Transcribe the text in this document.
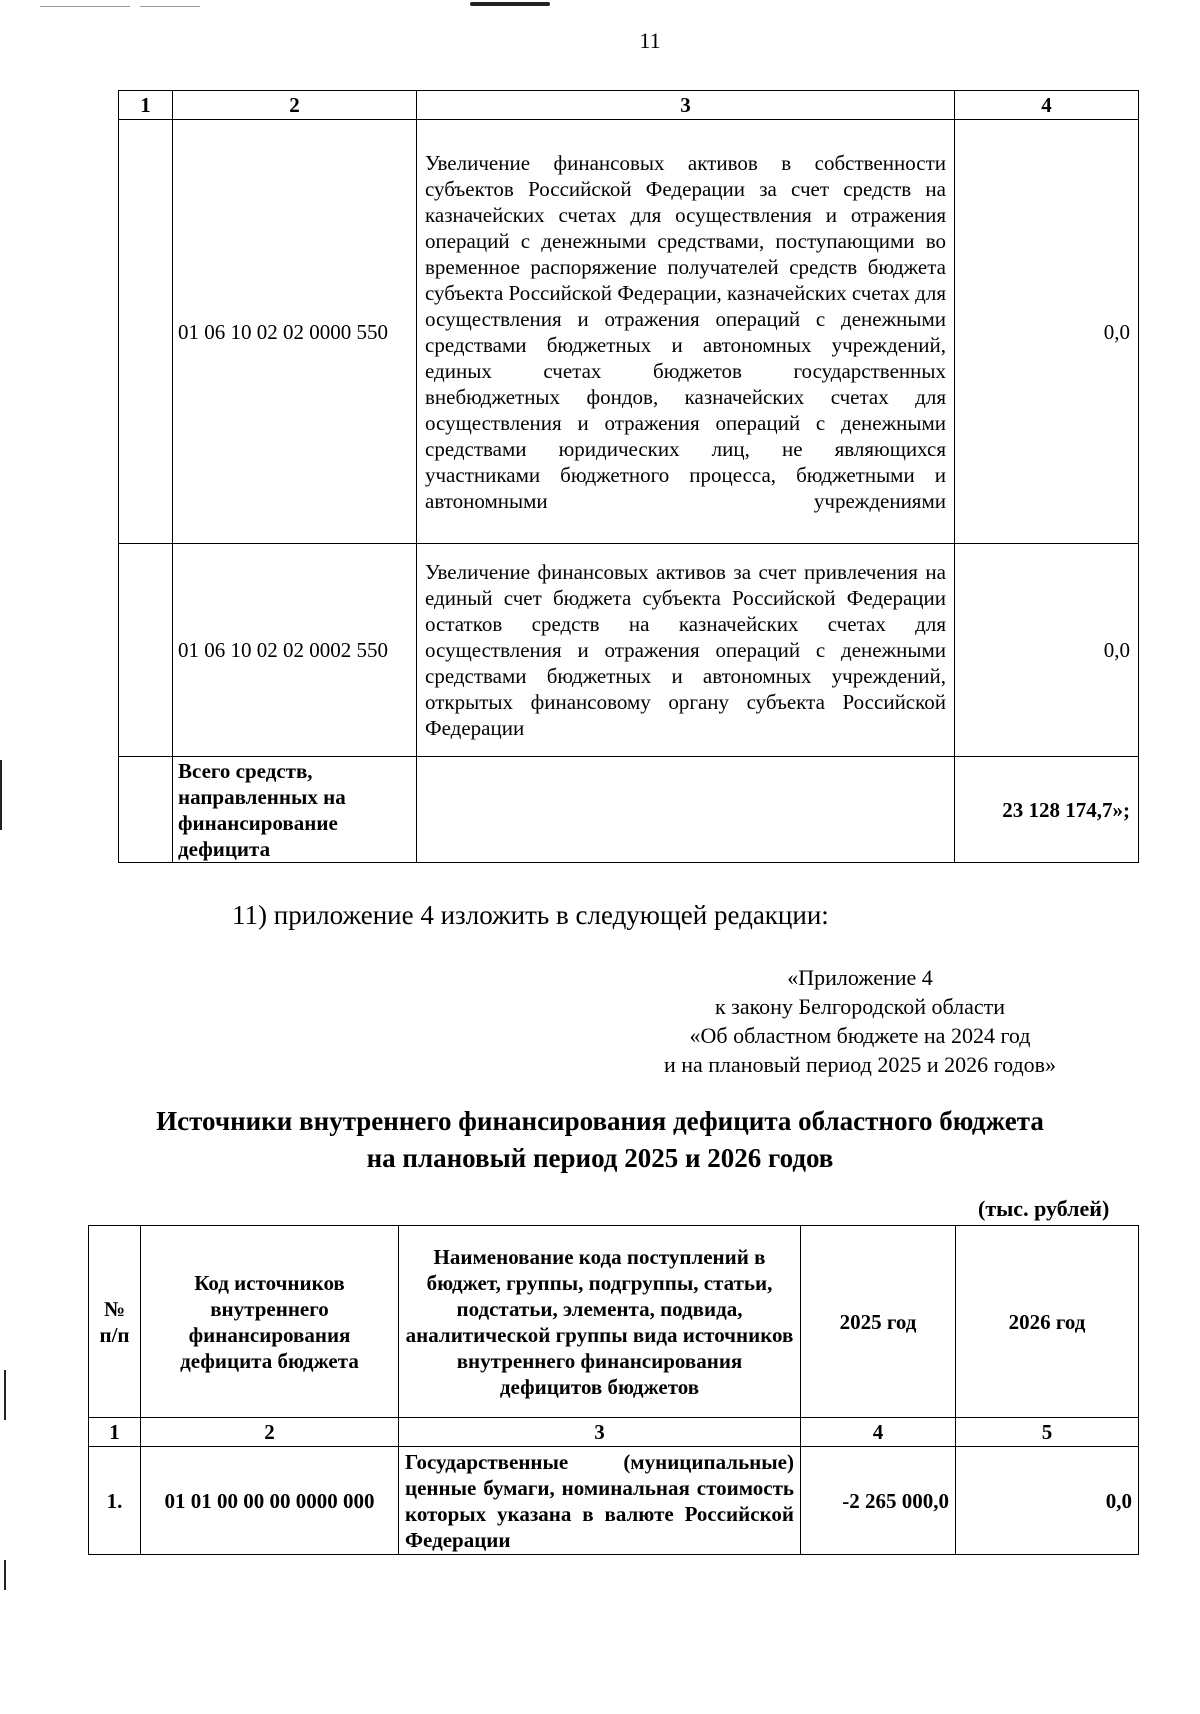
11
1	2	3	4
	01 06 10 02 02 0000 550	Увеличение финансовых активов в собственности субъектов Российской Федерации за счет средств на казначейских счетах для осуществления и отражения операций с денежными средствами, поступающими во временное распоряжение получателей средств бюджета субъекта Российской Федерации, казначейских счетах для осуществления и отражения операций с денежными средствами бюджетных и автономных учреждений, единых счетах бюджетов государственных внебюджетных фондов, казначейских счетах для осуществления и отражения операций с денежными средствами юридических лиц, не являющихся участниками бюджетного процесса, бюджетными и автономными учреждениями	0,0
	01 06 10 02 02 0002 550	Увеличение финансовых активов за счет привлечения на единый счет бюджета субъекта Российской Федерации остатков средств на казначейских счетах для осуществления и отражения операций с денежными средствами бюджетных и автономных учреждений, открытых финансовому органу субъекта Российской Федерации	0,0
	Всего средств, направленных на финансирование дефицита		23 128 174,7»;
11) приложение 4 изложить в следующей редакции:
«Приложение 4
к закону Белгородской области
«Об областном бюджете на 2024 год
и на плановый период 2025 и 2026 годов»
Источники внутреннего финансирования дефицита областного бюджета
на плановый период 2025 и 2026 годов
(тыс. рублей)
№ п/п	Код источников внутреннего финансирования дефицита бюджета	Наименование кода поступлений в бюджет, группы, подгруппы, статьи, подстатьи, элемента, подвида, аналитической группы вида источников внутреннего финансирования дефицитов бюджетов	2025 год	2026 год
1	2	3	4	5
1.	01 01 00 00 00 0000 000	Государственные (муниципальные) ценные бумаги, номинальная стоимость которых указана в валюте Российской Федерации	-2 265 000,0	0,0
